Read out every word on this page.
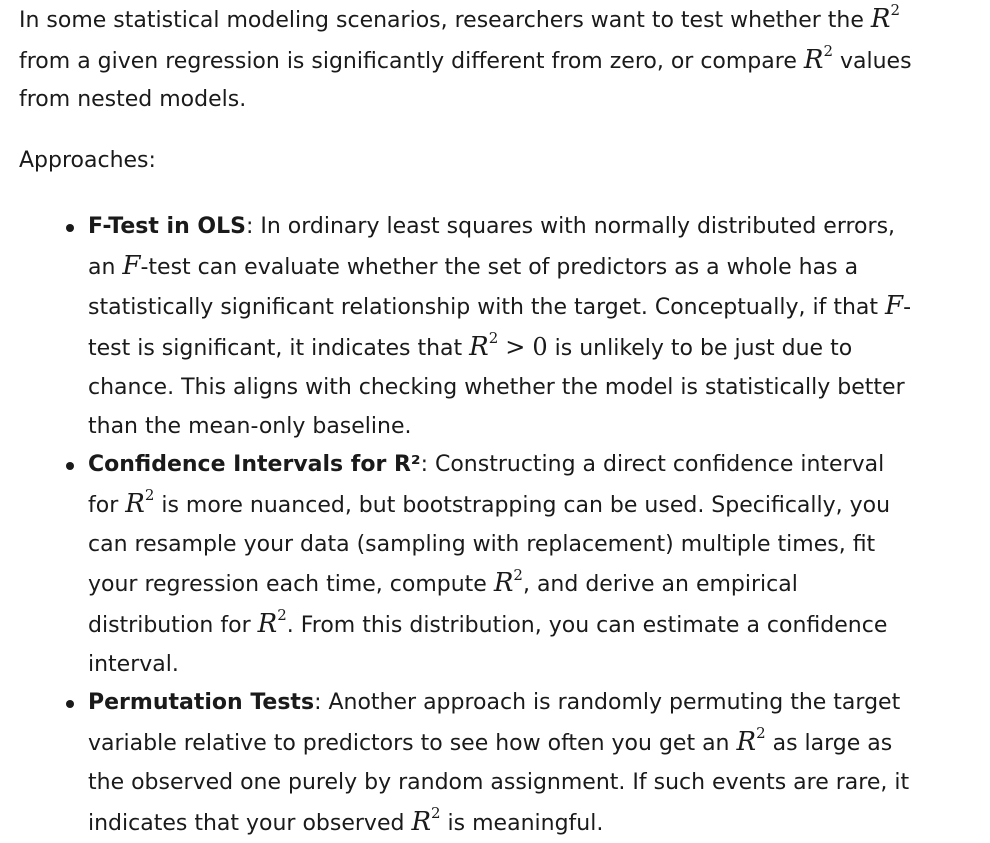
In some statistical modeling scenarios, researchers want to test whether the $R^2$ from a given regression is significantly different from zero, or compare $R^2$ values from nested models.

Approaches:

F-Test in OLS: In ordinary least squares with normally distributed errors, an F-test can evaluate whether the set of predictors as a whole has a statistically significant relationship with the target. Conceptually, if that F-test is significant, it indicates that $R^2 > 0$ is unlikely to be just due to chance. This aligns with checking whether the model is statistically better than the mean-only baseline.
Confidence Intervals for R²: Constructing a direct confidence interval for $R^2$ is more nuanced, but bootstrapping can be used. Specifically, you can resample your data (sampling with replacement) multiple times, fit your regression each time, compute $R^2$, and derive an empirical distribution for $R^2$. From this distribution, you can estimate a confidence interval.
Permutation Tests: Another approach is randomly permuting the target variable relative to predictors to see how often you get an $R^2$ as large as the observed one purely by random assignment. If such events are rare, it indicates that your observed $R^2$ is meaningful.
